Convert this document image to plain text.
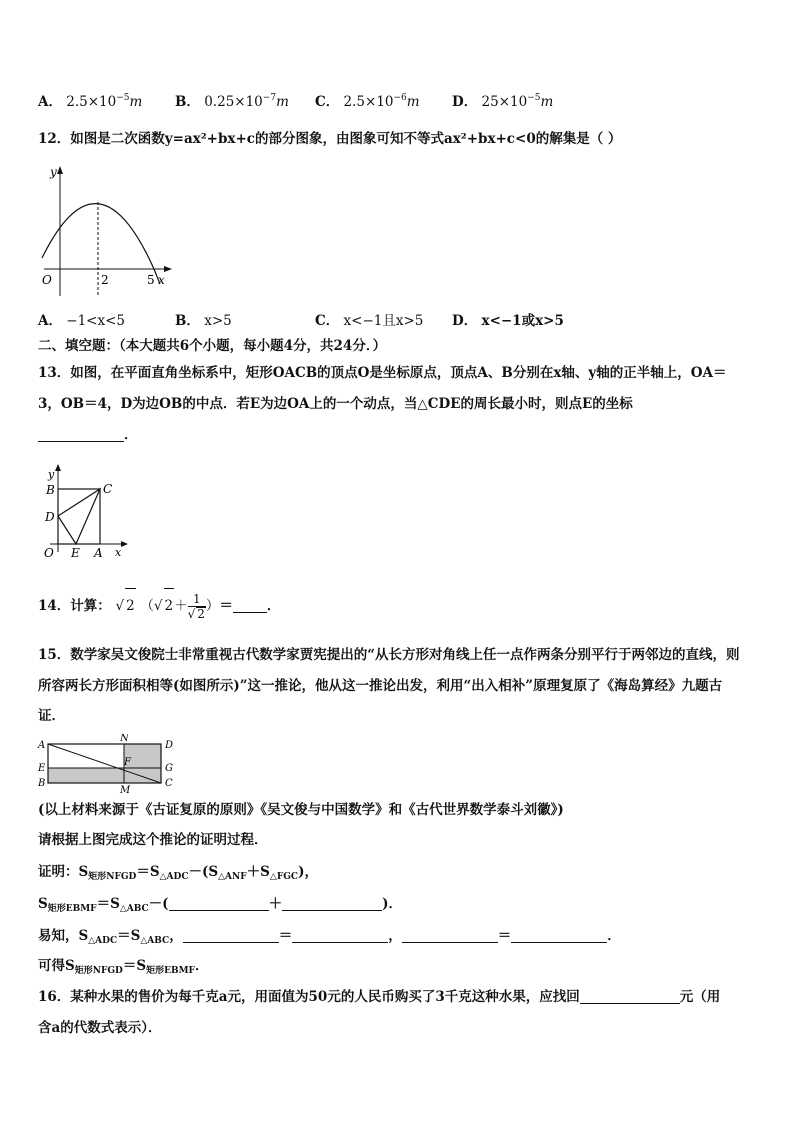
A． $2.5\times 10^{-5}m$ B． $0.25\times 10^{-7}m$ C． $2.5\times 10^{-6}m$ D． $25\times 10^{-5}m$
12．如图是二次函数y=ax²+bx+c的部分图象，由图象可知不等式ax²+bx+c<0的解集是（ ）
y
O	2	5 x
A． −1<x<5	B． x>5	C． x<−1且x>5 D． x<−1或x>5
二、填空题：（本大题共6个小题，每小题4分，共24分．）
13．如图，在平面直角坐标系中，矩形OACB的顶点O是坐标原点，顶点A、B分别在x轴、y轴的正半轴上，OA＝
3，OB＝4，D为边OB的中点．若E为边OA上的一个动点，当△CDE的周长最小时，则点E的坐标
．
y
B	C
D
O E A x
14．计算： √ 2 （√ $2+ \frac{1}{√ 2}$ ）＝	．
15．数学家吴文俊院士非常重视古代数学家贾宪提出的“从长方形对角线上任一点作两条分别平行于两邻边的直线，则
所容两长方形面积相等(如图所示)”这一推论，他从这一推论出发，利用“出入相补”原理复原了《海岛算经》九题古
证．
A
N
D
E
F
G
B
M
C
(以上材料来源于《古证复原的原则》《吴文俊与中国数学》和《古代世界数学泰斗刘徽》)
请根据上图完成这个推论的证明过程．
证明：$S_{矩形NFGD}=S_{\triangle ADC}-(S_{\triangle ANF}+S_{\triangle FGC})$，
$S_{矩形EBMF}=S_{\triangle ABC}-$(	＋	)．
易知，$S_{\triangle ADC}=S_{\triangle ABC}$，	＝	，	＝	．
可得$S_{矩形NFGD}=S_{矩形EBMF}$．
16．某种水果的售价为每千克a元，用面值为50元的人民币购买了3千克这种水果，应找回	元（用
含a的代数式表示）．
